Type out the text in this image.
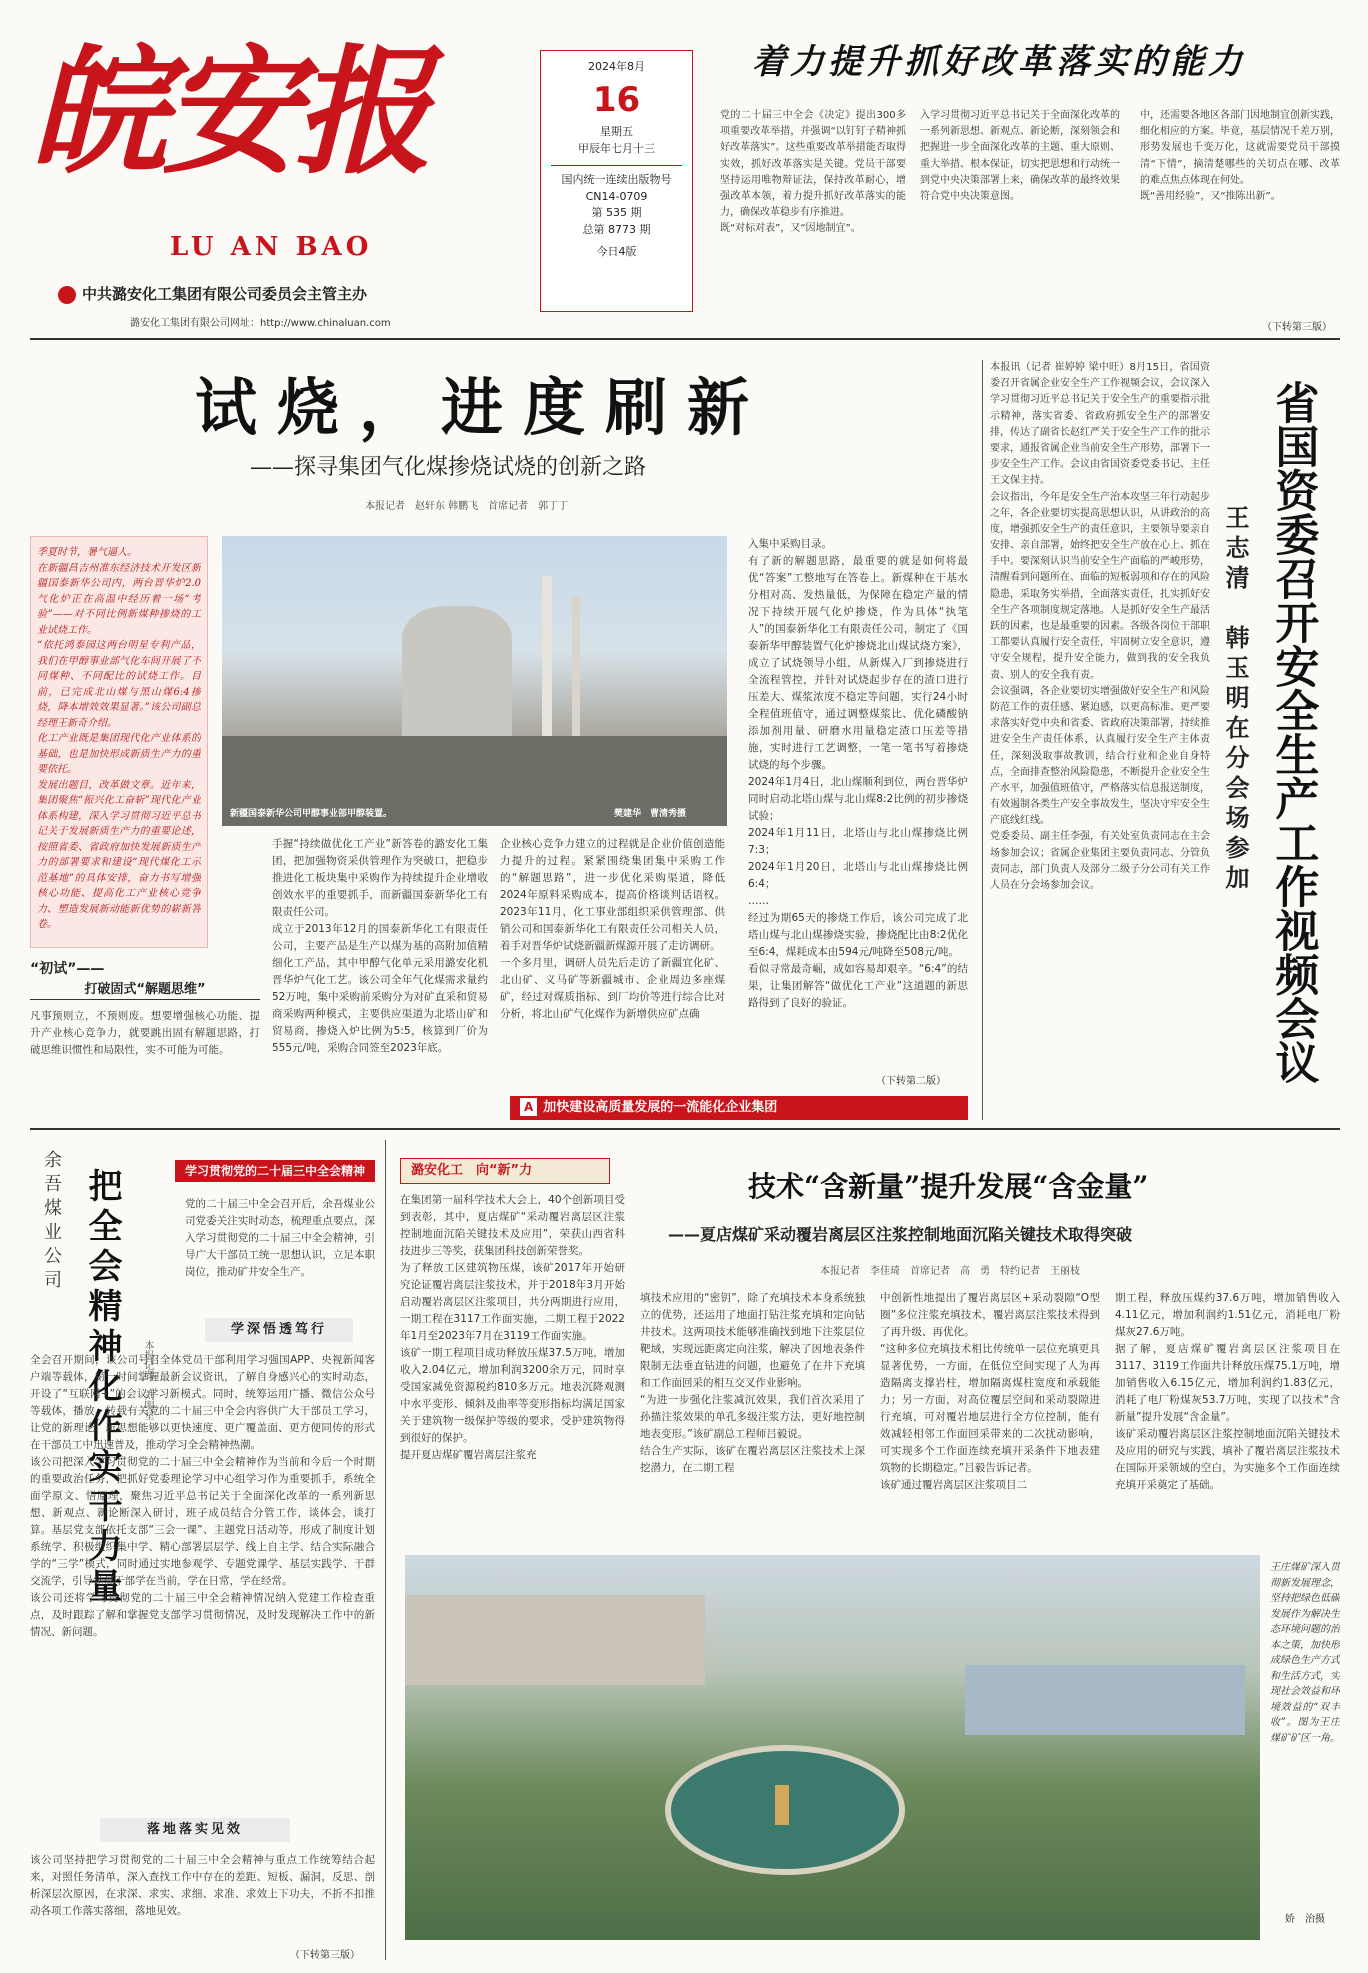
皖安报
LU AN BAO
中共潞安化工集团有限公司委员会主管主办
潞安化工集团有限公司网址：http://www.chinaluan.com
2024年8月
16
星期五
甲辰年七月十三
国内统一连续出版物号
CN14-0709
第 535 期
总第 8773 期
今日4版
着力提升抓好改革落实的能力
党的二十届三中全会《决定》提出300多项重要改革举措，并强调“以钉钉子精神抓好改革落实”。这些重要改革举措能否取得实效，抓好改革落实是关键。党员干部要坚持运用唯物辩证法，保持改革耐心，增强改革本领，着力提升抓好改革落实的能力，确保改革稳步有序推进。
既“对标对表”，又“因地制宜”。
入学习贯彻习近平总书记关于全面深化改革的一系列新思想、新观点、新论断，深刻领会和把握进一步全面深化改革的主题、重大原则、重大举措、根本保证，切实把思想和行动统一到党中央决策部署上来，确保改革的最终效果符合党中央决策意图。
中，还需要各地区各部门因地制宜创新实践，细化相应的方案。毕竟，基层情况千差万别，形势发展也千变万化，这就需要党员干部摸清“下情”，摘清楚哪些的关切点在哪、改革的难点焦点体现在何处。
既“善用经验”，又“推陈出新”。
（下转第三版）
试烧，进度刷新
——探寻集团气化煤掺烧试烧的创新之路
本报记者　赵轩东 韩鹏飞　首席记者　郭丁丁
季夏时节，暑气逼人。
在新疆昌吉州准东经济技术开发区新疆国泰新华公司内，两台晋华炉2.0气化炉正在高温中经历着一场“考验”——对不同比例新煤种掺烧的工业试烧工作。
“依托鸿泰园这两台明星专利产品，我们在甲醇事业部气化车间开展了不同煤种、不同配比的试烧工作。目前，已完成北山煤与黑山煤6:4掺烧，降本增效效果显著。”该公司副总经理王新奇介绍。
化工产业既是集团现代化产业体系的基础，也是加快形成新质生产力的重要依托。
发展出题目，改革做文章。近年来，集团聚焦“振兴化工奋斩”现代化产业体系构建，深入学习贯彻习近平总书记关于发展新质生产力的重要论述，按照省委、省政府加快发展新质生产力的部署要求和建设“现代煤化工示范基地”的具体安排，奋力书写增强核心功能、提高化工产业核心竞争力、塑造发展新动能新优势的崭新答卷。
“初试”——
打破固式“解题思维”
凡事预则立，不预则废。想要增强核心功能、提升产业核心竞争力，就要跳出固有解题思路，打破思维识惯性和局限性，实不可能为可能。
新疆国泰新华公司甲醇事业部甲醇装置。	樊建华　曹清秀摄
手握“持续做优化工产业”新答卷的潞安化工集团，把加强物资采供管理作为突破口，把稳步推进化工板块集中采购作为持续提升企业增收创效水平的重要抓手，而新疆国泰新华化工有限责任公司。
成立于2013年12月的国泰新华化工有限责任公司，主要产品是生产以煤为基的高附加值精细化工产品，其中甲醇气化单元采用潞安化机晋华炉气化工艺。该公司全年气化煤需求量约52万吨，集中采购前采购分为对矿直采和贸易商采购两种模式，主要供应渠道为北塔山矿和贸易商，掺烧入炉比例为5:5，核算到厂价为555元/吨，采购合同签至2023年底。
企业核心竞争力建立的过程就是企业价值创造能力提升的过程。紧紧围绕集团集中采购工作的“解题思路”，进一步优化采购渠道，降低2024年原料采购成本，提高价格谈判话语权。2023年11月，化工事业部组织采供管理部、供销公司和国泰新华化工有限责任公司相关人员，着手对晋华炉试烧新疆新煤源开展了走访调研。
一个多月里，调研人员先后走访了新疆宜化矿、北山矿、义马矿等新疆城市、企业周边多座煤矿，经过对煤质指标、到厂均价等进行综合比对分析，将北山矿气化煤作为新增供应矿点确
入集中采购目录。
有了新的解题思路，最重要的就是如何将最优“答案”工整地写在答卷上。新煤种在干基水分相对高、发热量低，为保障在稳定产量的情况下持续开展气化炉掺烧，作为具体“执笔人”的国泰新华化工有限责任公司，制定了《国泰新华甲醇装置气化炉掺烧北山煤试烧方案》，成立了试烧领导小组，从新煤入厂到掺烧进行全流程管控，并针对试烧起步存在的渣口进行压差大、煤浆浓度不稳定等问题，实行24小时全程值班值守，通过调整煤浆比、优化磷酸钠添加剂用量、研磨水用量稳定渣口压差等措施，实时进行工艺调整，一笔一笔书写着掺烧试烧的每个步骤。
2024年1月4日，北山煤顺利到位，两台晋华炉同时启动北塔山煤与北山煤8:2比例的初步掺烧试验；
2024年1月11日，北塔山与北山煤掺烧比例7:3；
2024年1月20日，北塔山与北山煤掺烧比例6:4；
……
经过为期65天的掺烧工作后，该公司完成了北塔山煤与北山煤掺烧实验，掺烧配比由8:2优化至6:4，煤耗成本由594元/吨降至508元/吨。
看似寻常最奇崛，成如容易却艰辛。“6:4”的结果，让集团解答“做优化工产业”这道题的新思路得到了良好的验证。
（下转第二版）
A 加快建设高质量发展的一流能化企业集团
本报讯（记者 崔婷婷 梁中旺）8月15日，省国资委召开省属企业安全生产工作视频会议，会议深入学习贯彻习近平总书记关于安全生产的重要指示批示精神，落实省委、省政府抓安全生产的部署安排，传达了副省长赵红严关于安全生产工作的批示要求，通报省属企业当前安全生产形势，部署下一步安全生产工作。会议由省国资委党委书记、主任王文保主持。
会议指出，今年是安全生产治本攻坚三年行动起步之年，各企业要切实提高思想认识，从讲政治的高度，增强抓安全生产的责任意识，主要领导要亲自安排、亲自部署，始终把安全生产放在心上、抓在手中。要深刻认识当前安全生产面临的严峻形势，清醒看到问题所在、面临的短板弱项和存在的风险隐患，采取务实举措，全面落实责任，扎实抓好安全生产各项制度规定落地。人是抓好安全生产最活跃的因素，也是最重要的因素。各级各岗位干部职工都要认真履行安全责任，牢固树立安全意识，遵守安全规程，提升安全能力，做到我的安全我负责、别人的安全我有责。
会议强调，各企业要切实增强做好安全生产和风险防范工作的责任感、紧迫感，以更高标准、更严要求落实好党中央和省委、省政府决策部署，持续推进安全生产责任体系，认真履行安全生产主体责任，深刻汲取事故教训，结合行业和企业自身特点，全面排查整治风险隐患，不断提升企业安全生产水平，加强值班值守，严格落实信息报送制度，有效遏制各类生产安全事故发生，坚决守牢安全生产底线红线。
党委委员、副主任李强，有关处室负责同志在主会场参加会议；省属企业集团主要负责同志、分管负责同志，部门负责人及部分二级子分公司有关工作人员在分会场参加会议。	王志清　韩玉明在分会场参加 省国资委召开安全生产工作视频会议
余吾煤业公司 把全会精神化作实干力量	本报记者　刘明星
学习贯彻党的二十届三中全会精神
党的二十届三中全会召开后，余吾煤业公司党委关注实时动态，梳理重点要点，深入学习贯彻党的二十届三中全会精神，引导广大干部员工统一思想认识，立足本职岗位，推动矿井安全生产。
学深悟透笃行
全会召开期间，该公司号召全体党员干部利用学习强国APP、央视新闻客户端等载体，第一时间掌握最新会议资讯，了解自身感兴心的实时动态，开设了“互联网+”的会议学习新模式。同时，统筹运用广播、微信公众号等载体，播放、转载有关党的二十届三中全会内容供广大干部员工学习，让党的新理论、新思想能够以更快速度、更广覆盖面、更方便同传的形式在干部员工中迅速普及，推动学习全会精神热潮。
该公司把深入学习贯彻党的二十届三中全会精神作为当前和今后一个时期的重要政治任务，把抓好党委理论学习中心组学习作为重要抓手，系统全面学原文、悟原理，聚焦习近平总书记关于全面深化改革的一系列新思想、新观点、新论断深入研讨，班子成员结合分管工作，谈体会，谈打算。基层党支部依托支部“三会一课”、主题党日活动等，形成了制度计划系统学、积极组织集中学、精心部署层层学、线上自主学、结合实际融合学的“三学”模式，同时通过实地参观学、专题党课学、基层实践学、干群交流学，引导党员干部学在当前，学在日常，学在经常。
该公司还将学习贯彻党的二十届三中全会精神情况纳入党建工作检查重点，及时跟踪了解和掌握党支部学习贯彻情况，及时发现解决工作中的新情况、新问题。
落地落实见效
该公司坚持把学习贯彻党的二十届三中全会精神与重点工作统筹结合起来，对照任务清单，深入查找工作中存在的差距、短板、漏洞，反思、剖析深层次原因，在求深、求实、求细、求准、求效上下功夫，不折不扣推动各项工作落实落细，落地见效。
（下转第三版）
潞安化工　向“新”力	技术“含新量”提升发展“含金量”
——夏店煤矿采动覆岩离层区注浆控制地面沉陷关键技术取得突破
本报记者　李佳琦　首席记者　高　勇　特约记者　王丽枝
在集团第一届科学技术大会上，40个创新项目受到表彰，其中，夏店煤矿“采动覆岩离层区注浆控制地面沉陷关键技术及应用”，荣获山西省科技进步三等奖，获集团科技创新荣誉奖。
为了释放工区建筑物压煤，该矿2017年开始研究论证覆岩离层注浆技术，并于2018年3月开始启动覆岩离层区注浆项目，共分两期进行应用，一期工程在3117工作面实施，二期工程于2022年1月至2023年7月在3119工作面实施。
该矿一期工程项目成功释放压煤37.5万吨，增加收入2.04亿元，增加利润3200余万元，同时享受国家减免资源税约810多万元。地表沉降观测中水平变形、倾斜及曲率等变形指标均满足国家关于建筑物一级保护等级的要求，受护建筑物得到很好的保护。
提开夏店煤矿覆岩离层注浆充
填技术应用的“密钥”，除了充填技术本身系统独立的优势，还运用了地面打钻注浆充填和定向钻井技术。这两项技术能够准确找到地下注浆层位靶域，实现远距离定向注浆，解决了因地表条件限制无法垂直钻进的问题，也避免了在井下充填和工作面回采的相互交叉作业影响。
“为进一步强化注浆减沉效果，我们首次采用了孙描注浆效果的单孔多级注浆方法，更好地控制地表变形。”该矿副总工程师吕毅说。
结合生产实际，该矿在覆岩离层区注浆技术上深挖潜力，在二期工程
中创新性地提出了覆岩离层区+采动裂隙“O型圈”多位注浆充填技术，覆岩离层注浆技术得到了再升级、再优化。
“这种多位充填技术相比传统单一层位充填更具显著优势，一方面，在低位空间实现了人为再造隔离支撑岩柱，增加隔离煤柱宽度和承载能力；另一方面，对高位覆层空间和采动裂隙进行充填，可对覆岩地层进行全方位控制，能有效减轻相邻工作面回采带来的二次扰动影响，可实现多个工作面连续充填开采条件下地表建筑物的长期稳定。”吕毅告诉记者。
该矿通过覆岩离层区注浆项目二
期工程，释放压煤约37.6万吨，增加销售收入4.11亿元，增加利润约1.51亿元，消耗电厂粉煤灰27.6万吨。
据了解，夏店煤矿覆岩离层区注浆项目在3117、3119工作面共计释放压煤75.1万吨，增加销售收入6.15亿元，增加利润约1.83亿元，消耗了电厂粉煤灰53.7万吨，实现了以技术“含新量”提升发展“含金量”。
该矿采动覆岩离层区注浆控制地面沉陷关键技术及应用的研究与实践，填补了覆岩离层注浆技术在国际开采领域的空白，为实施多个工作面连续充填开采奠定了基础。
王庄煤矿深入贯彻新发展理念，坚持把绿色低碳发展作为解决生态环境问题的治本之策，加快形成绿色生产方式和生活方式，实现社会效益和环境效益的“双丰收”。图为王庄煤矿矿区一角。
娇　治摄
